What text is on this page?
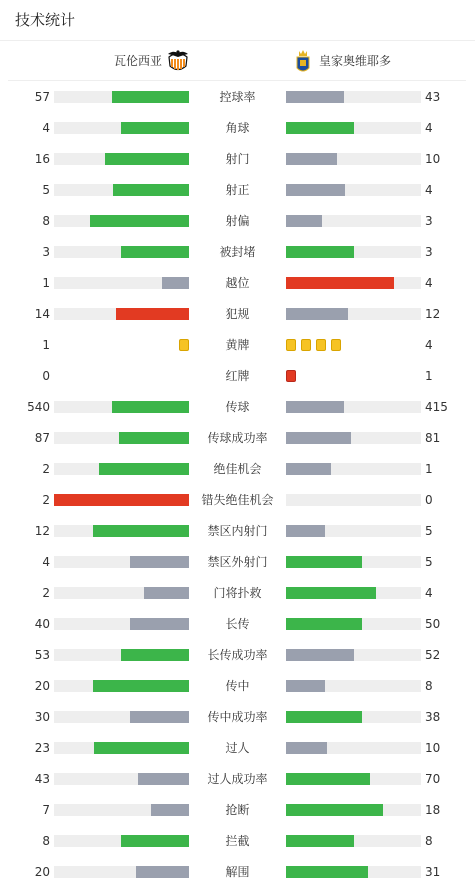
技术统计
瓦伦西亚	皇家奥维耶多
57	控球率	43
4	角球	4
16	射门	10
5	射正	4
8	射偏	3
3	被封堵	3
1	越位	4
14	犯规	12
1	黄牌	4
0	红牌	1
540	传球	415
87	传球成功率	81
2	绝佳机会	1
2	错失绝佳机会	0
12	禁区内射门	5
4	禁区外射门	5
2	门将扑救	4
40	长传	50
53	长传成功率	52
20	传中	8
30	传中成功率	38
23	过人	10
43	过人成功率	70
7	抢断	18
8	拦截	8
20	解围	31
